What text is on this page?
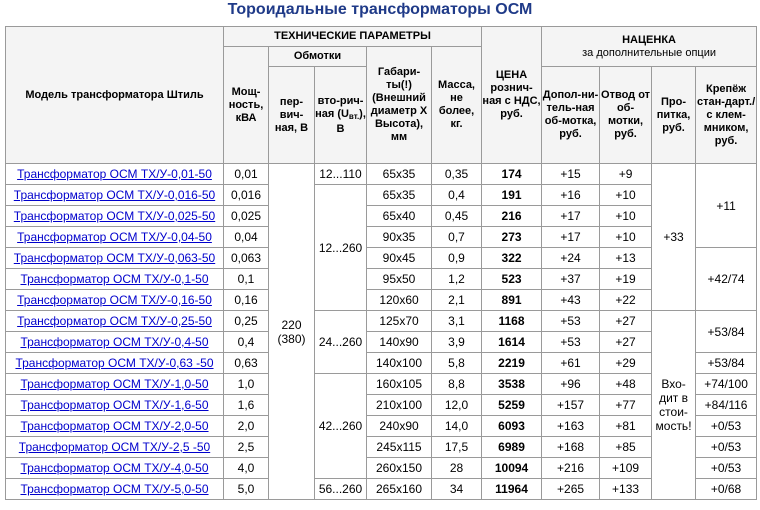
Тороидальные трансформаторы ОСМ
Модель трансформатора Штиль	ТЕХНИЧЕСКИЕ ПАРАМЕТРЫ					ЦЕНА рознич-ная с НДС, руб.	НАЦЕНКА
за дополнительные опции			
	Мощ-ность, кВА	Обмотки		Габари-ты(!) (Внешний диаметр Х Высота), мм	Масса, не более, кг.					
		пер-вич-ная, В	вто-рич-ная $(U_{вт.})$, В				Допол-ни-тель-ная об-мотка, руб.	Отвод от об-мотки, руб.	Про-питка, руб.	Крепёж стан-дарт./ с клем-мником, руб.
Трансформатор ОСМ ТХ/У-0,01-50	0,01	220 (380)	12...110	65x35	0,35	174	+15	+9	+33	+11
Трансформатор ОСМ ТХ/У-0,016-50	0,016		12...260	65x35	0,4	191	+16	+10		
Трансформатор ОСМ ТХ/У-0,025-50	0,025			65x40	0,45	216	+17	+10		
Трансформатор ОСМ ТХ/У-0,04-50	0,04			90x35	0,7	273	+17	+10		
Трансформатор ОСМ ТХ/У-0,063-50	0,063			90x45	0,9	322	+24	+13		+42/74
Трансформатор ОСМ ТХ/У-0,1-50	0,1			95x50	1,2	523	+37	+19		
Трансформатор ОСМ ТХ/У-0,16-50	0,16			120x60	2,1	891	+43	+22		
Трансформатор ОСМ ТХ/У-0,25-50	0,25		24...260	125x70	3,1	1168	+53	+27	Вхо-дит в стои-мость!	+53/84
Трансформатор ОСМ ТХ/У-0,4-50	0,4			140x90	3,9	1614	+53	+27		
Трансформатор ОСМ ТХ/У-0,63 -50	0,63			140x100	5,8	2219	+61	+29		+53/84
Трансформатор ОСМ ТХ/У-1,0-50	1,0		42...260	160x105	8,8	3538	+96	+48		+74/100
Трансформатор ОСМ ТХ/У-1,6-50	1,6			210x100	12,0	5259	+157	+77		+84/116
Трансформатор ОСМ ТХ/У-2,0-50	2,0			240x90	14,0	6093	+163	+81		+0/53
Трансформатор ОСМ ТХ/У-2,5 -50	2,5			245x115	17,5	6989	+168	+85		+0/53
Трансформатор ОСМ ТХ/У-4,0-50	4,0			260x150	28	10094	+216	+109		+0/53
Трансформатор ОСМ ТХ/У-5,0-50	5,0		56...260	265x160	34	11964	+265	+133		+0/68
